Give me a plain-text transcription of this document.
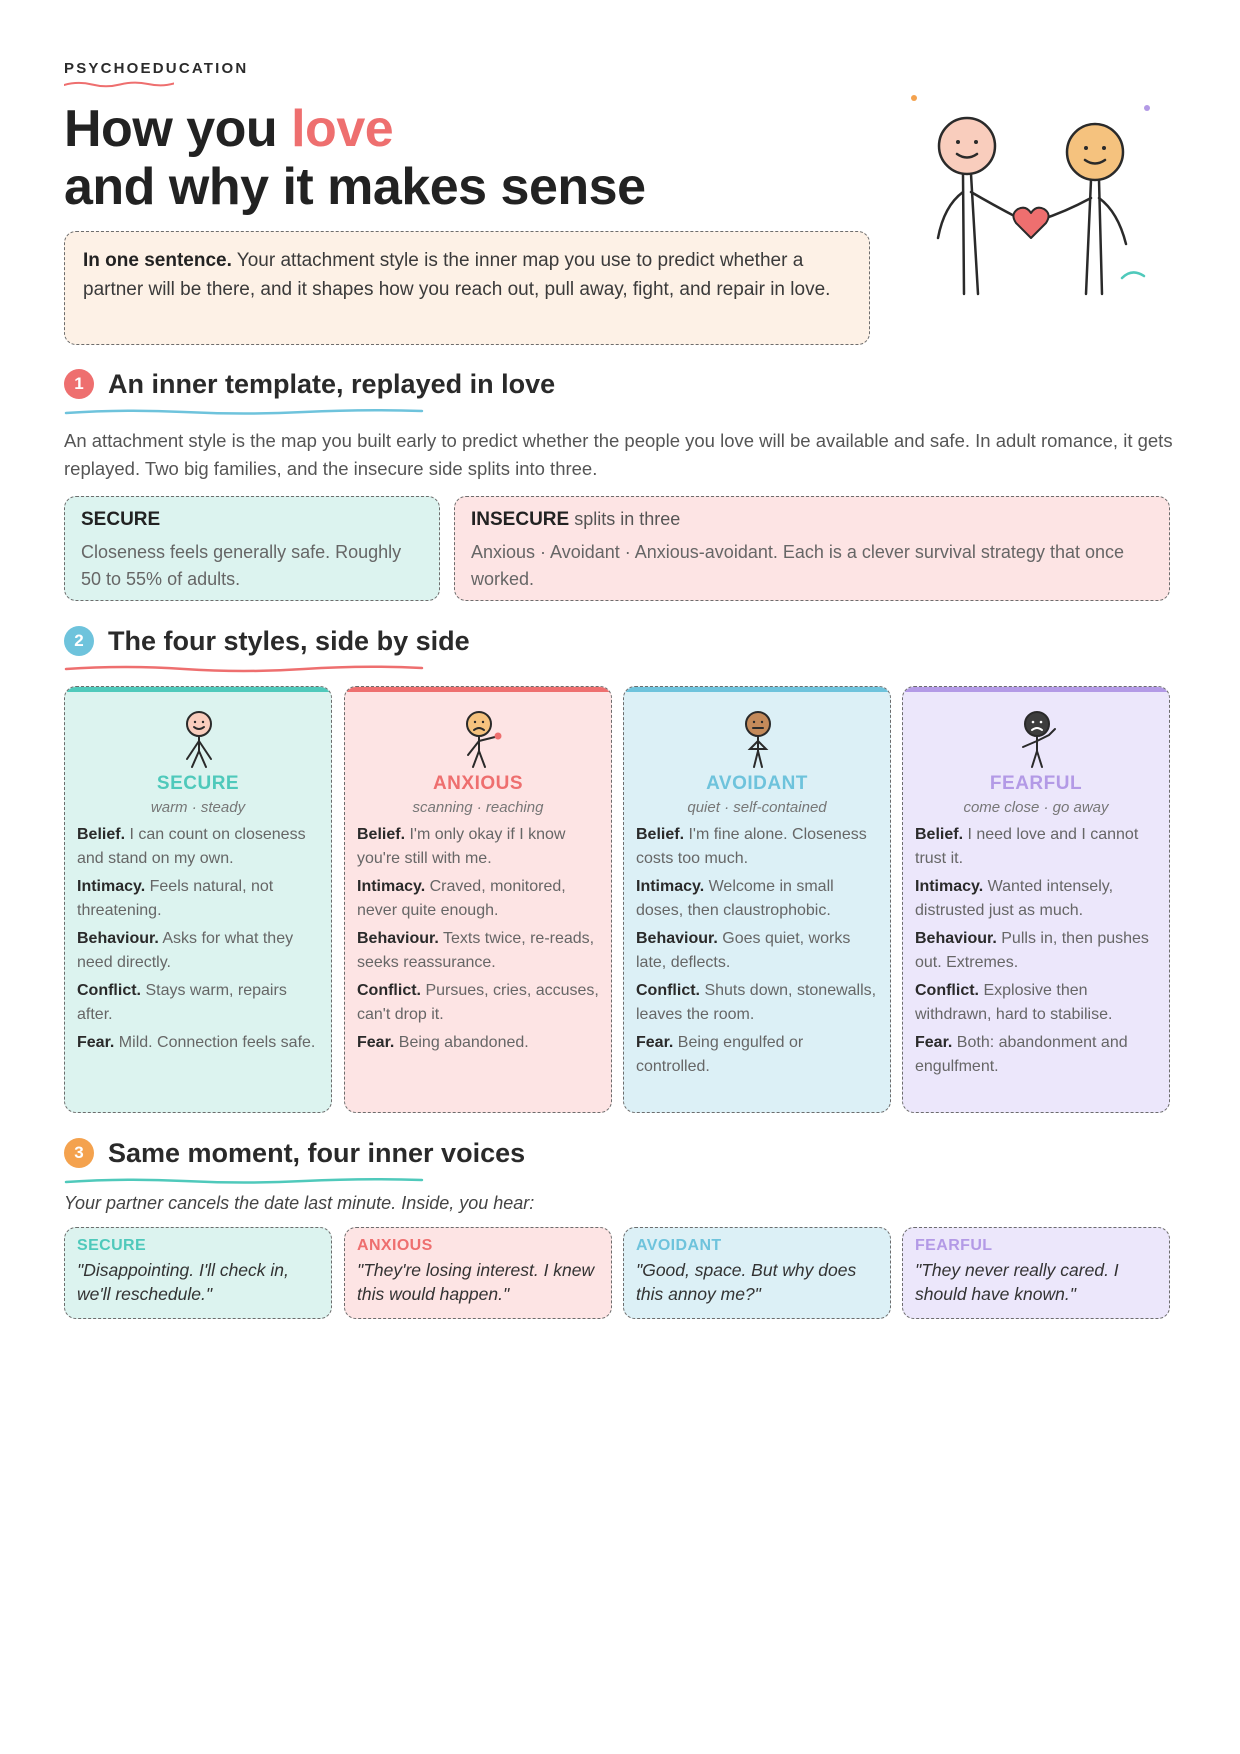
PSYCHOEDUCATION
How you love
and why it makes sense
In one sentence. Your attachment style is the inner map you use to predict whether a partner will be there, and it shapes how you reach out, pull away, fight, and repair in love.
1 An inner template, replayed in love

An attachment style is the map you built early to predict whether the people you love will be available and safe. In adult romance, it gets replayed. Two big families, and the insecure side splits into three.

SECURE
Closeness feels generally safe. Roughly 50 to 55% of adults.
INSECURE splits in three
Anxious · Avoidant · Anxious-avoidant. Each is a clever survival strategy that once worked.
2 The four styles, side by side
SECURE
warm · steady

Belief. I can count on closeness and stand on my own.

Intimacy. Feels natural, not threatening.

Behaviour. Asks for what they need directly.

Conflict. Stays warm, repairs after.

Fear. Mild. Connection feels safe.

ANXIOUS
scanning · reaching

Belief. I'm only okay if I know you're still with me.

Intimacy. Craved, monitored, never quite enough.

Behaviour. Texts twice, re-reads, seeks reassurance.

Conflict. Pursues, cries, accuses, can't drop it.

Fear. Being abandoned.

AVOIDANT
quiet · self-contained

Belief. I'm fine alone. Closeness costs too much.

Intimacy. Welcome in small doses, then claustrophobic.

Behaviour. Goes quiet, works late, deflects.

Conflict. Shuts down, stonewalls, leaves the room.

Fear. Being engulfed or controlled.

FEARFUL
come close · go away

Belief. I need love and I cannot trust it.

Intimacy. Wanted intensely, distrusted just as much.

Behaviour. Pulls in, then pushes out. Extremes.

Conflict. Explosive then withdrawn, hard to stabilise.

Fear. Both: abandonment and engulfment.

3 Same moment, four inner voices

Your partner cancels the date last minute. Inside, you hear:

SECURE
"Disappointing. I'll check in, we'll reschedule."
ANXIOUS
"They're losing interest. I knew this would happen."
AVOIDANT
"Good, space. But why does this annoy me?"
FEARFUL
"They never really cared. I should have known."
